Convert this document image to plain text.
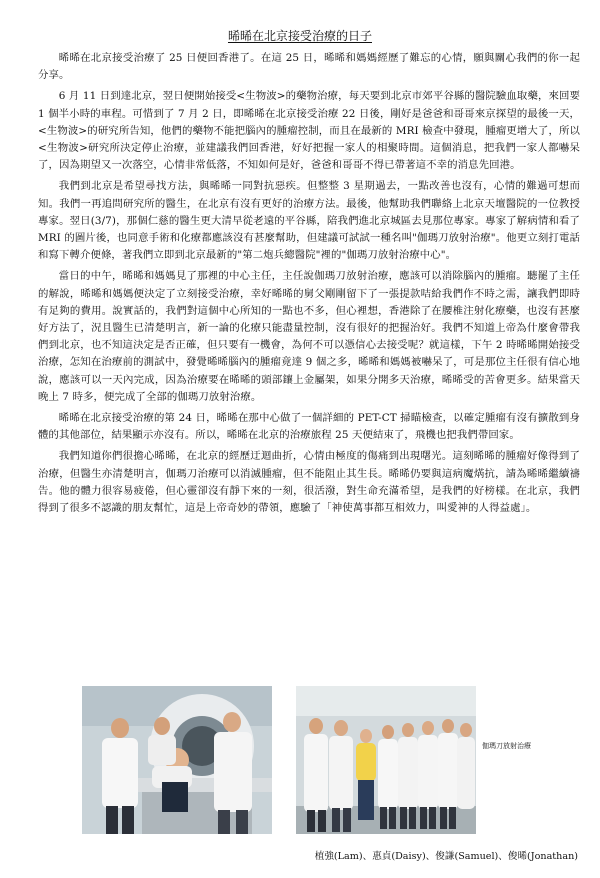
晞晞在北京接受治療的日子

晞晞在北京接受治療了 25 日便回香港了。在這 25 日，晞晞和媽媽經歷了難忘的心情，願與關心我們的你一起分享。

6 月 11 日到達北京，翌日便開始接受<生物波>的藥物治療，每天要到北京市郊平谷縣的醫院驗血取藥，來回要 1 個半小時的車程。可惜到了 7 月 2 日，即晞晞在北京接受治療 22 日後，剛好是爸爸和哥哥來京探望的最後一天，<生物波>的研究所告知，他們的藥物不能把腦內的腫瘤控制，而且在最新的 MRI 檢查中發現，腫瘤更增大了，所以<生物波>研究所決定停止治療，並建議我們回香港，好好把握一家人的相聚時間。這個消息，把我們一家人都嚇呆了，因為期望又一次落空，心情非常低落，不知如何是好，爸爸和哥哥不得已帶著這不幸的消息先回港。

我們到北京是希望尋找方法，與晞晞一同對抗惡疾。但整整 3 星期過去，一點改善也沒有，心情的難過可想而知。我們一再追問研究所的醫生，在北京有沒有更好的治療方法。最後，他幫助我們聯絡上北京天壇醫院的一位教授專家。翌日(3/7)，那個仁慈的醫生更大清早從老遠的平谷縣，陪我們進北京城區去見那位專家。專家了解病情和看了 MRI 的圖片後，也同意手術和化療都應該沒有甚麼幫助，但建議可試試一種名叫"伽瑪刀放射治療"。他更立刻打電話和寫下轉介便條，著我們立即到北京最新的"第二炮兵總醫院"裡的"伽瑪刀放射治療中心"。

當日的中午，晞晞和媽媽見了那裡的中心主任，主任說伽瑪刀放射治療，應該可以消除腦內的腫瘤。聽罷了主任的解說，晞晞和媽媽便決定了立刻接受治療，幸好晞晞的舅父剛剛留下了一張提款咭給我們作不時之需，讓我們即時有足夠的費用。說實話的，我們對這個中心所知的一點也不多，但心裡想，香港除了在腰椎注射化療藥，也沒有甚麼好方法了，況且醫生已清楚明言，新一論的化療只能盡量控制，沒有很好的把握治好。我們不知道上帝為什麼會帶我們到北京，也不知這決定是否正確，但只要有一機會，為何不可以憑信心去接受呢？就這樣，下午 2 時晞晞開始接受治療，怎知在治療前的測試中，發覺晞晞腦內的腫瘤竟達 9 個之多，晞晞和媽媽被嚇呆了，可是那位主任很有信心地說，應該可以一天內完成，因為治療要在晞晞的頭部鑲上金屬架，如果分開多天治療，晞晞受的苦會更多。結果當天晚上 7 時多，便完成了全部的伽瑪刀放射治療。

晞晞在北京接受治療的第 24 日，晞晞在那中心做了一個詳細的 PET-CT 掃瞄檢查，以確定腫瘤有沒有擴散到身體的其他部位，結果顯示亦沒有。所以，晞晞在北京的治療旅程 25 天便結束了，飛機也把我們帶回家。

我們知道你們很擔心晞晞，在北京的經歷迂迴曲折，心情由極度的傷痛到出現曙光。這刻晞晞的腫瘤好像得到了治療，但醫生亦清楚明言，伽瑪刀治療可以消滅腫瘤，但不能阻止其生長。晞晞仍要與這病魔焫抗，請為晞晞繼續禱告。他的體力很容易疲倦，但心靈卻沒有靜下來的一刻，很活潑，對生命充滿希望，是我們的好榜樣。在北京，我們得到了很多不認識的朋友幫忙，這是上帝奇妙的帶領，應驗了「神使萬事都互相效力，叫愛神的人得益處」。

伽瑪刀放射治療
植強(Lam)、惠貞(Daisy)、俊謙(Samuel)、俊晞(Jonathan)
